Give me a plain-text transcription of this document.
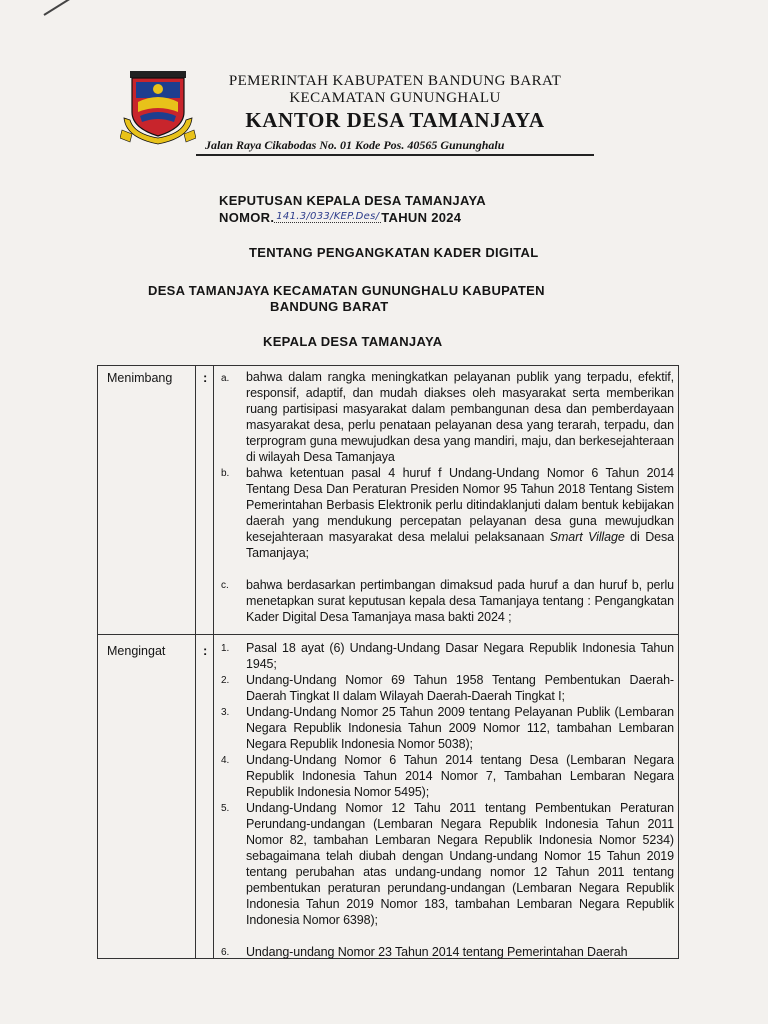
PEMERINTAH KABUPATEN BANDUNG BARAT
KECAMATAN GUNUNGHALU
KANTOR DESA TAMANJAYA
Jalan Raya Cikabodas No. 01 Kode Pos. 40565 Gununghalu
KEPUTUSAN KEPALA DESA TAMANJAYA
NOMOR. 141.3/033/KEP.Des/ TAHUN 2024
TENTANG PENGANGKATAN KADER DIGITAL
DESA TAMANJAYA KECAMATAN GUNUNGHALU KABUPATEN
BANDUNG BARAT
KEPALA DESA TAMANJAYA
Menimbang : a. bahwa dalam rangka meningkatkan pelayanan publik yang terpadu, efektif, responsif, adaptif, dan mudah diakses oleh masyarakat serta memberikan ruang partisipasi masyarakat dalam pembangunan desa dan pemberdayaan masyarakat desa, perlu penataan pelayanan desa yang terarah, terpadu, dan terprogram guna mewujudkan desa yang mandiri, maju, dan berkesejahteraan di wilayah Desa Tamanjaya
b. bahwa ketentuan pasal 4 huruf f Undang-Undang Nomor 6 Tahun 2014 Tentang Desa Dan Peraturan Presiden Nomor 95 Tahun 2018 Tentang Sistem Pemerintahan Berbasis Elektronik perlu ditindaklanjuti dalam bentuk kebijakan daerah yang mendukung percepatan pelayanan desa guna mewujudkan kesejahteraan masyarakat desa melalui pelaksanaan Smart Village di Desa Tamanjaya;
c. bahwa berdasarkan pertimbangan dimaksud pada huruf a dan huruf b, perlu menetapkan surat keputusan kepala desa Tamanjaya tentang : Pengangkatan Kader Digital Desa Tamanjaya masa bakti 2024 ;
Mengingat	: 1. Pasal 18 ayat (6) Undang-Undang Dasar Negara Republik Indonesia Tahun 1945;
2. Undang-Undang Nomor 69 Tahun 1958 Tentang Pembentukan Daerah-Daerah Tingkat II dalam Wilayah Daerah-Daerah Tingkat I;
3. Undang-Undang Nomor 25 Tahun 2009 tentang Pelayanan Publik (Lembaran Negara Republik Indonesia Tahun 2009 Nomor 112, tambahan Lembaran Negara Republik Indonesia Nomor 5038);
4. Undang-Undang Nomor 6 Tahun 2014 tentang Desa (Lembaran Negara Republik Indonesia Tahun 2014 Nomor 7, Tambahan Lembaran Negara Republik Indonesia Nomor 5495);
5. Undang-Undang Nomor 12 Tahu 2011 tentang Pembentukan Peraturan Perundang-undangan (Lembaran Negara Republik Indonesia Tahun 2011 Nomor 82, tambahan Lembaran Negara Republik Indonesia Nomor 5234) sebagaimana telah diubah dengan Undang-undang Nomor 15 Tahun 2019 tentang perubahan atas undang-undang nomor 12 Tahun 2011 tentang pembentukan peraturan perundang-undangan (Lembaran Negara Republik Indonesia Tahun 2019 Nomor 183, tambahan Lembaran Negara Republik Indonesia Nomor 6398);
6. Undang-undang Nomor 23 Tahun 2014 tentang Pemerintahan Daerah
